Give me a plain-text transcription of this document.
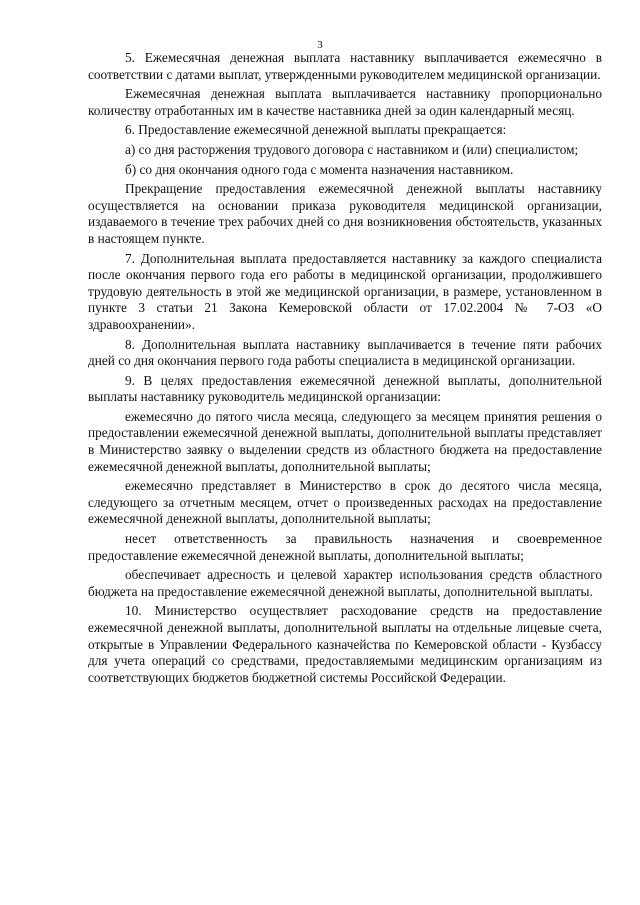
3

5. Ежемесячная денежная выплата наставнику выплачивается ежемесячно в соответствии с датами выплат, утвержденными руководителем медицинской организации.

Ежемесячная денежная выплата выплачивается наставнику пропорционально количеству отработанных им в качестве наставника дней за один календарный месяц.

6. Предоставление ежемесячной денежной выплаты прекращается:

а) со дня расторжения трудового договора с наставником и (или) специалистом;

б) со дня окончания одного года с момента назначения наставником.

Прекращение предоставления ежемесячной денежной выплаты наставнику осуществляется на основании приказа руководителя медицинской организации, издаваемого в течение трех рабочих дней со дня возникновения обстоятельств, указанных в настоящем пункте.

7. Дополнительная выплата предоставляется наставнику за каждого специалиста после окончания первого года его работы в медицинской организации, продолжившего трудовую деятельность в этой же медицинской организации, в размере, установленном в пункте 3 статьи 21 Закона Кемеровской области от 17.02.2004 № 7-ОЗ «О здравоохранении».

8. Дополнительная выплата наставнику выплачивается в течение пяти рабочих дней со дня окончания первого года работы специалиста в медицинской организации.

9. В целях предоставления ежемесячной денежной выплаты, дополнительной выплаты наставнику руководитель медицинской организации:

ежемесячно до пятого числа месяца, следующего за месяцем принятия решения о предоставлении ежемесячной денежной выплаты, дополнительной выплаты представляет в Министерство заявку о выделении средств из областного бюджета на предоставление ежемесячной денежной выплаты, дополнительной выплаты;

ежемесячно представляет в Министерство в срок до десятого числа месяца, следующего за отчетным месяцем, отчет о произведенных расходах на предоставление ежемесячной денежной выплаты, дополнительной выплаты;

несет ответственность за правильность назначения и своевременное предоставление ежемесячной денежной выплаты, дополнительной выплаты;

обеспечивает адресность и целевой характер использования средств областного бюджета на предоставление ежемесячной денежной выплаты, дополнительной выплаты.

10. Министерство осуществляет расходование средств на предоставление ежемесячной денежной выплаты, дополнительной выплаты на отдельные лицевые счета, открытые в Управлении Федерального казначейства по Кемеровской области - Кузбассу для учета операций со средствами, предоставляемыми медицинским организациям из соответствующих бюджетов бюджетной системы Российской Федерации.
